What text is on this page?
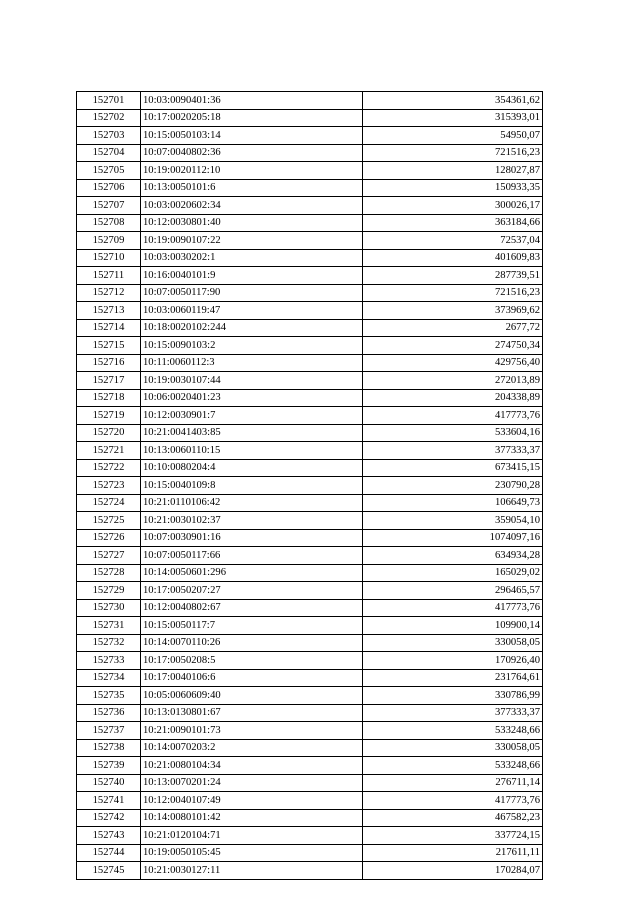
152701	10:03:0090401:36	354361,62
152702	10:17:0020205:18	315393,01
152703	10:15:0050103:14	54950,07
152704	10:07:0040802:36	721516,23
152705	10:19:0020112:10	128027,87
152706	10:13:0050101:6	150933,35
152707	10:03:0020602:34	300026,17
152708	10:12:0030801:40	363184,66
152709	10:19:0090107:22	72537,04
152710	10:03:0030202:1	401609,83
152711	10:16:0040101:9	287739,51
152712	10:07:0050117:90	721516,23
152713	10:03:0060119:47	373969,62
152714	10:18:0020102:244	2677,72
152715	10:15:0090103:2	274750,34
152716	10:11:0060112:3	429756,40
152717	10:19:0030107:44	272013,89
152718	10:06:0020401:23	204338,89
152719	10:12:0030901:7	417773,76
152720	10:21:0041403:85	533604,16
152721	10:13:0060110:15	377333,37
152722	10:10:0080204:4	673415,15
152723	10:15:0040109:8	230790,28
152724	10:21:0110106:42	106649,73
152725	10:21:0030102:37	359054,10
152726	10:07:0030901:16	1074097,16
152727	10:07:0050117:66	634934,28
152728	10:14:0050601:296	165029,02
152729	10:17:0050207:27	296465,57
152730	10:12:0040802:67	417773,76
152731	10:15:0050117:7	109900,14
152732	10:14:0070110:26	330058,05
152733	10:17:0050208:5	170926,40
152734	10:17:0040106:6	231764,61
152735	10:05:0060609:40	330786,99
152736	10:13:0130801:67	377333,37
152737	10:21:0090101:73	533248,66
152738	10:14:0070203:2	330058,05
152739	10:21:0080104:34	533248,66
152740	10:13:0070201:24	276711,14
152741	10:12:0040107:49	417773,76
152742	10:14:0080101:42	467582,23
152743	10:21:0120104:71	337724,15
152744	10:19:0050105:45	217611,11
152745	10:21:0030127:11	170284,07
